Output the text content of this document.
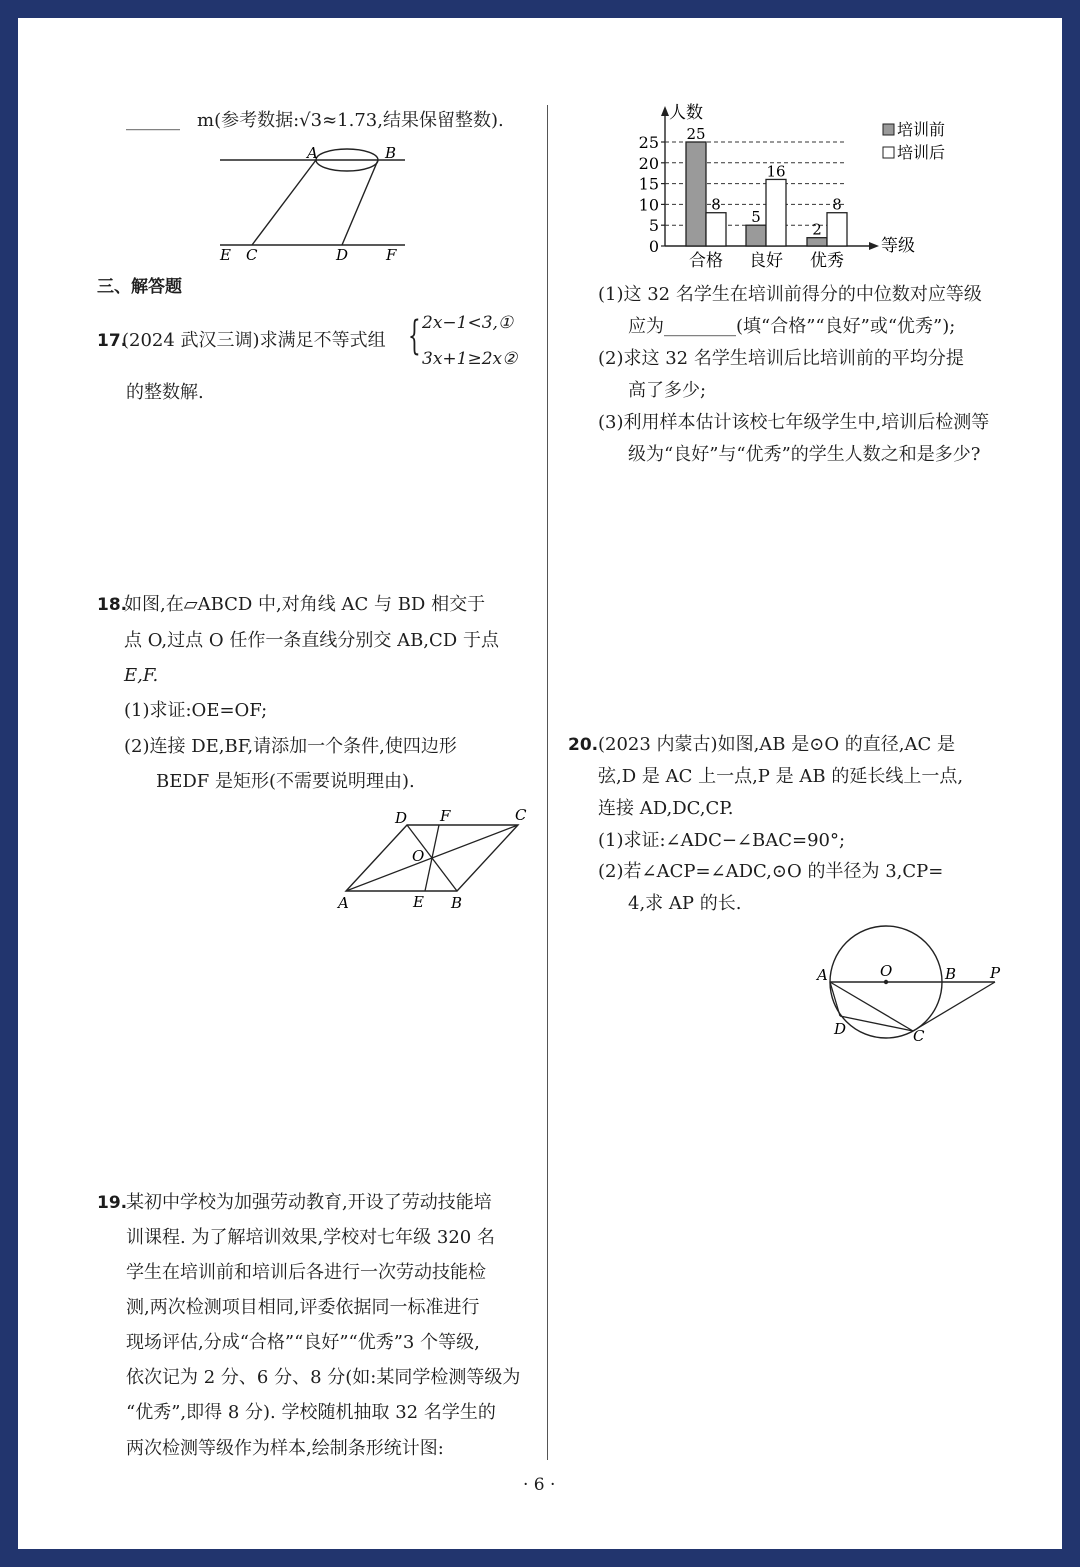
______ m(参考数据:√3≈1.73,结果保留整数).
A	B
E C	D	F
三、解答题
17.
(2024 武汉三调)求满足不等式组 { 2x−1<3,①
3x+1≥2x②
的整数解.
18.
如图,在▱ABCD 中,对角线 AC 与 BD 相交于
点 O,过点 O 任作一条直线分别交 AB,CD 于点
E,F.
(1)求证:OE=OF;
(2)连接 DE,BF,请添加一个条件,使四边形
BEDF 是矩形(不需要说明理由).
A	E B
D F	C
O
19.
某初中学校为加强劳动教育,开设了劳动技能培
训课程. 为了解培训效果,学校对七年级 320 名
学生在培训前和培训后各进行一次劳动技能检
测,两次检测项目相同,评委依据同一标准进行
现场评估,分成“合格”“良好”“优秀”3 个等级,
依次记为 2 分、6 分、8 分(如:某同学检测等级为
“优秀”,即得 8 分). 学校随机抽取 32 名学生的
两次检测等级作为样本,绘制条形统计图:
人数
等级
0
5
10
15
20
25 25
8
5
16
2
8
合格 良好 优秀
培训前
培训后
(1)这 32 名学生在培训前得分的中位数对应等级
应为________(填“合格”“良好”或“优秀”);
(2)求这 32 名学生培训后比培训前的平均分提
高了多少;
(3)利用样本估计该校七年级学生中,培训后检测等
级为“良好”与“优秀”的学生人数之和是多少?
20. (2023 内蒙古)如图,AB 是⊙O 的直径,AC 是
弦,D 是 AC 上一点,P 是 AB 的延长线上一点,
连接 AD,DC,CP.
(1)求证:∠ADC−∠BAC=90°;
(2)若∠ACP=∠ADC,⊙O 的半径为 3,CP=
4,求 AP 的长.
A	O	B P
D	C
· 6 ·
